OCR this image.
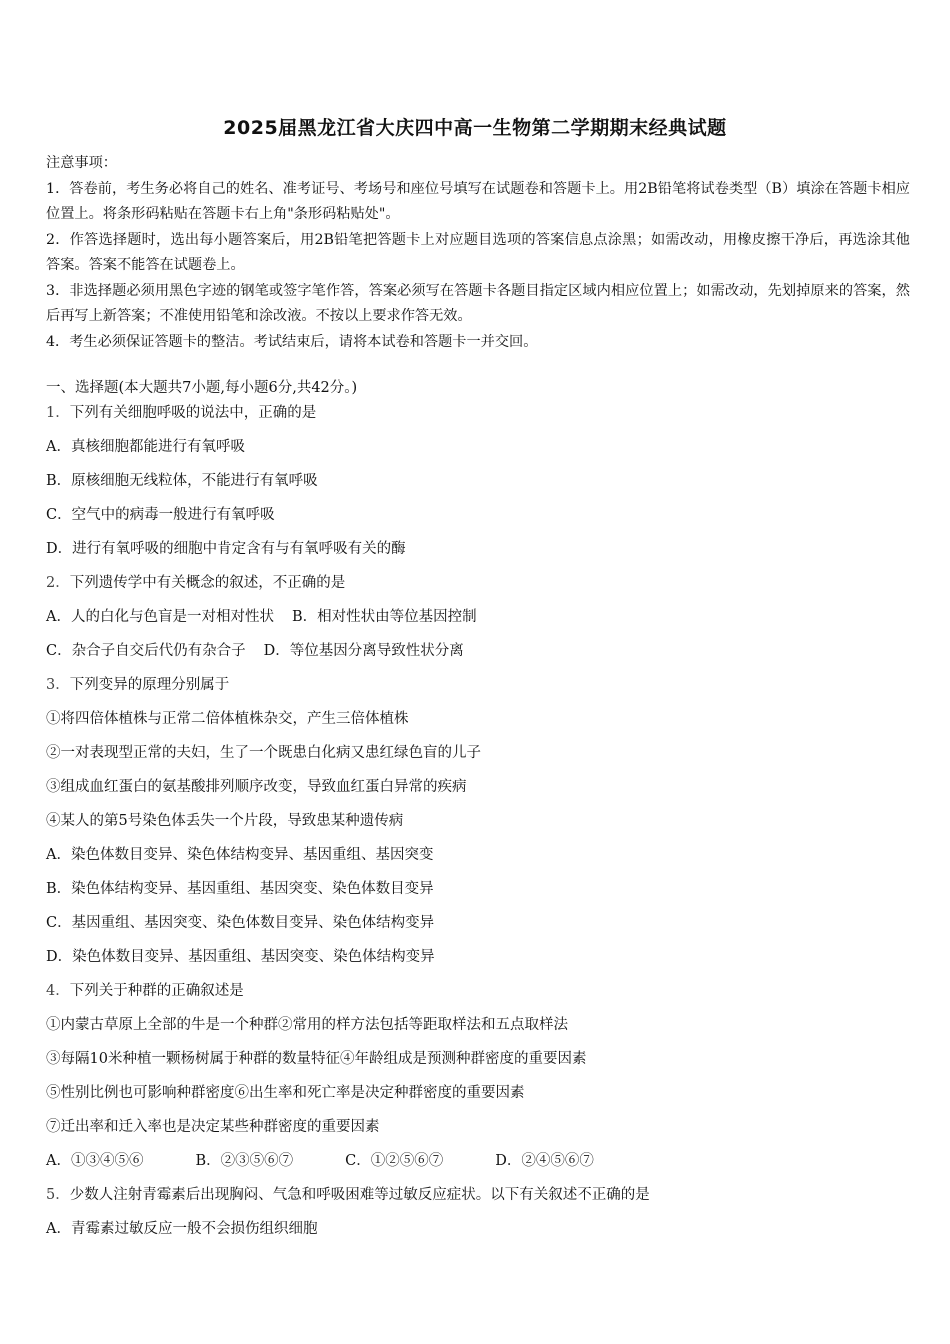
2025届黑龙江省大庆四中高一生物第二学期期末经典试题

注意事项：

1．答卷前，考生务必将自己的姓名、准考证号、考场号和座位号填写在试题卷和答题卡上。用2B铅笔将试卷类型（B）填涂在答题卡相应位置上。将条形码粘贴在答题卡右上角"条形码粘贴处"。

2．作答选择题时，选出每小题答案后，用2B铅笔把答题卡上对应题目选项的答案信息点涂黑；如需改动，用橡皮擦干净后，再选涂其他答案。答案不能答在试题卷上。

3．非选择题必须用黑色字迹的钢笔或签字笔作答，答案必须写在答题卡各题目指定区域内相应位置上；如需改动，先划掉原来的答案，然后再写上新答案；不准使用铅笔和涂改液。不按以上要求作答无效。

4．考生必须保证答题卡的整洁。考试结束后，请将本试卷和答题卡一并交回。

一、选择题(本大题共7小题,每小题6分,共42分。)
1．下列有关细胞呼吸的说法中，正确的是
A．真核细胞都能进行有氧呼吸
B．原核细胞无线粒体，不能进行有氧呼吸
C．空气中的病毒一般进行有氧呼吸
D．进行有氧呼吸的细胞中肯定含有与有氧呼吸有关的酶
2．下列遗传学中有关概念的叙述，不正确的是
A．人的白化与色盲是一对相对性状 B．相对性状由等位基因控制
C．杂合子自交后代仍有杂合子 D．等位基因分离导致性状分离
3．下列变异的原理分别属于
①将四倍体植株与正常二倍体植株杂交，产生三倍体植株
②一对表现型正常的夫妇，生了一个既患白化病又患红绿色盲的儿子
③组成血红蛋白的氨基酸排列顺序改变，导致血红蛋白异常的疾病
④某人的第5号染色体丢失一个片段，导致患某种遗传病
A．染色体数目变异、染色体结构变异、基因重组、基因突变
B．染色体结构变异、基因重组、基因突变、染色体数目变异
C．基因重组、基因突变、染色体数目变异、染色体结构变异
D．染色体数目变异、基因重组、基因突变、染色体结构变异
4．下列关于种群的正确叙述是
①内蒙古草原上全部的牛是一个种群②常用的样方法包括等距取样法和五点取样法
③每隔10米种植一颗杨树属于种群的数量特征④年龄组成是预测种群密度的重要因素
⑤性别比例也可影响种群密度⑥出生率和死亡率是决定种群密度的重要因素
⑦迁出率和迁入率也是决定某些种群密度的重要因素
A．①③④⑤⑥	B．②③⑤⑥⑦	C．①②⑤⑥⑦	D．②④⑤⑥⑦
5．少数人注射青霉素后出现胸闷、气急和呼吸困难等过敏反应症状。以下有关叙述不正确的是
A．青霉素过敏反应一般不会损伤组织细胞
